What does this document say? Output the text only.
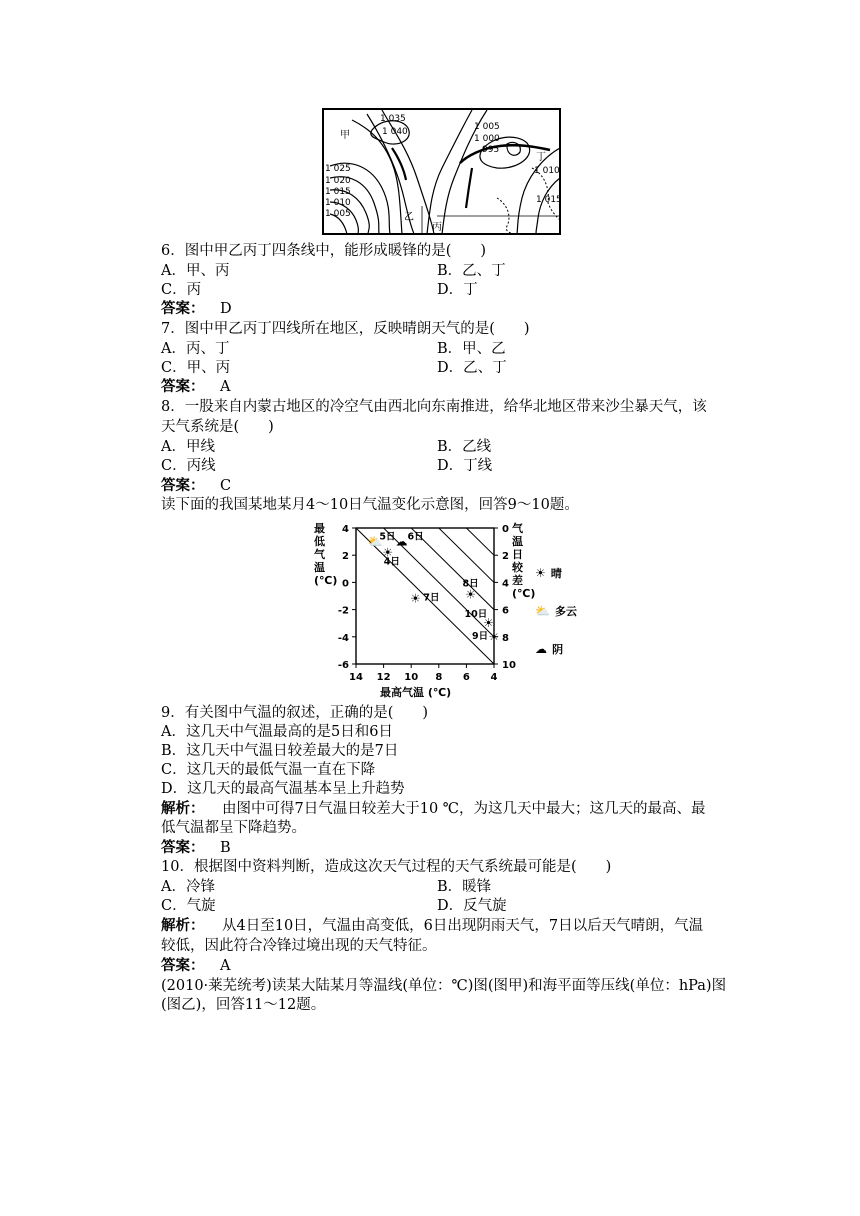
1 035
1 040
1 025
1 020
1 015
1 010
1 005
1 005
1 000
995
1 010
1 015
甲
乙
丙
丁
6．图中甲乙丙丁四条线中，能形成暖锋的是(　　)
A．甲、丙	B．乙、丁
C．丙	D．丁
答案： D
7．图中甲乙丙丁四线所在地区，反映晴朗天气的是(　　)
A．丙、丁	B．甲、乙
C．甲、丙	D．乙、丁
答案： A
8．一股来自内蒙古地区的冷空气由西北向东南推进，给华北地区带来沙尘暴天气，该
天气系统是(　　)
A．甲线	B．乙线
C．丙线	D．丁线
答案： C
读下面的我国某地某月4～10日气温变化示意图，回答9～10题。
4
2
0
-2
-4
-6
0
2
4
6
8
10
14 12 10 8 6 4
☀
4日
⛅
5日 ☁ 6日
☀ 7日 ☀
8日
☀
9日
☀
10日
最低气温(℃)
气温日较差(℃)
最高气温 (℃)
☀ 晴
⛅ 多云
☁ 阴
9．有关图中气温的叙述，正确的是(　　)
A．这几天中气温最高的是5日和6日
B．这几天中气温日较差最大的是7日
C．这几天的最低气温一直在下降
D．这几天的最高气温基本呈上升趋势
解析： 由图中可得7日气温日较差大于10 ℃，为这几天中最大；这几天的最高、最
低气温都呈下降趋势。
答案： B
10．根据图中资料判断，造成这次天气过程的天气系统最可能是(　　)
A．冷锋	B．暖锋
C．气旋	D．反气旋
解析： 从4日至10日，气温由高变低，6日出现阴雨天气，7日以后天气晴朗，气温
较低，因此符合冷锋过境出现的天气特征。
答案： A
(2010·莱芜统考)读某大陆某月等温线(单位：℃)图(图甲)和海平面等压线(单位：hPa)图
(图乙)，回答11～12题。
